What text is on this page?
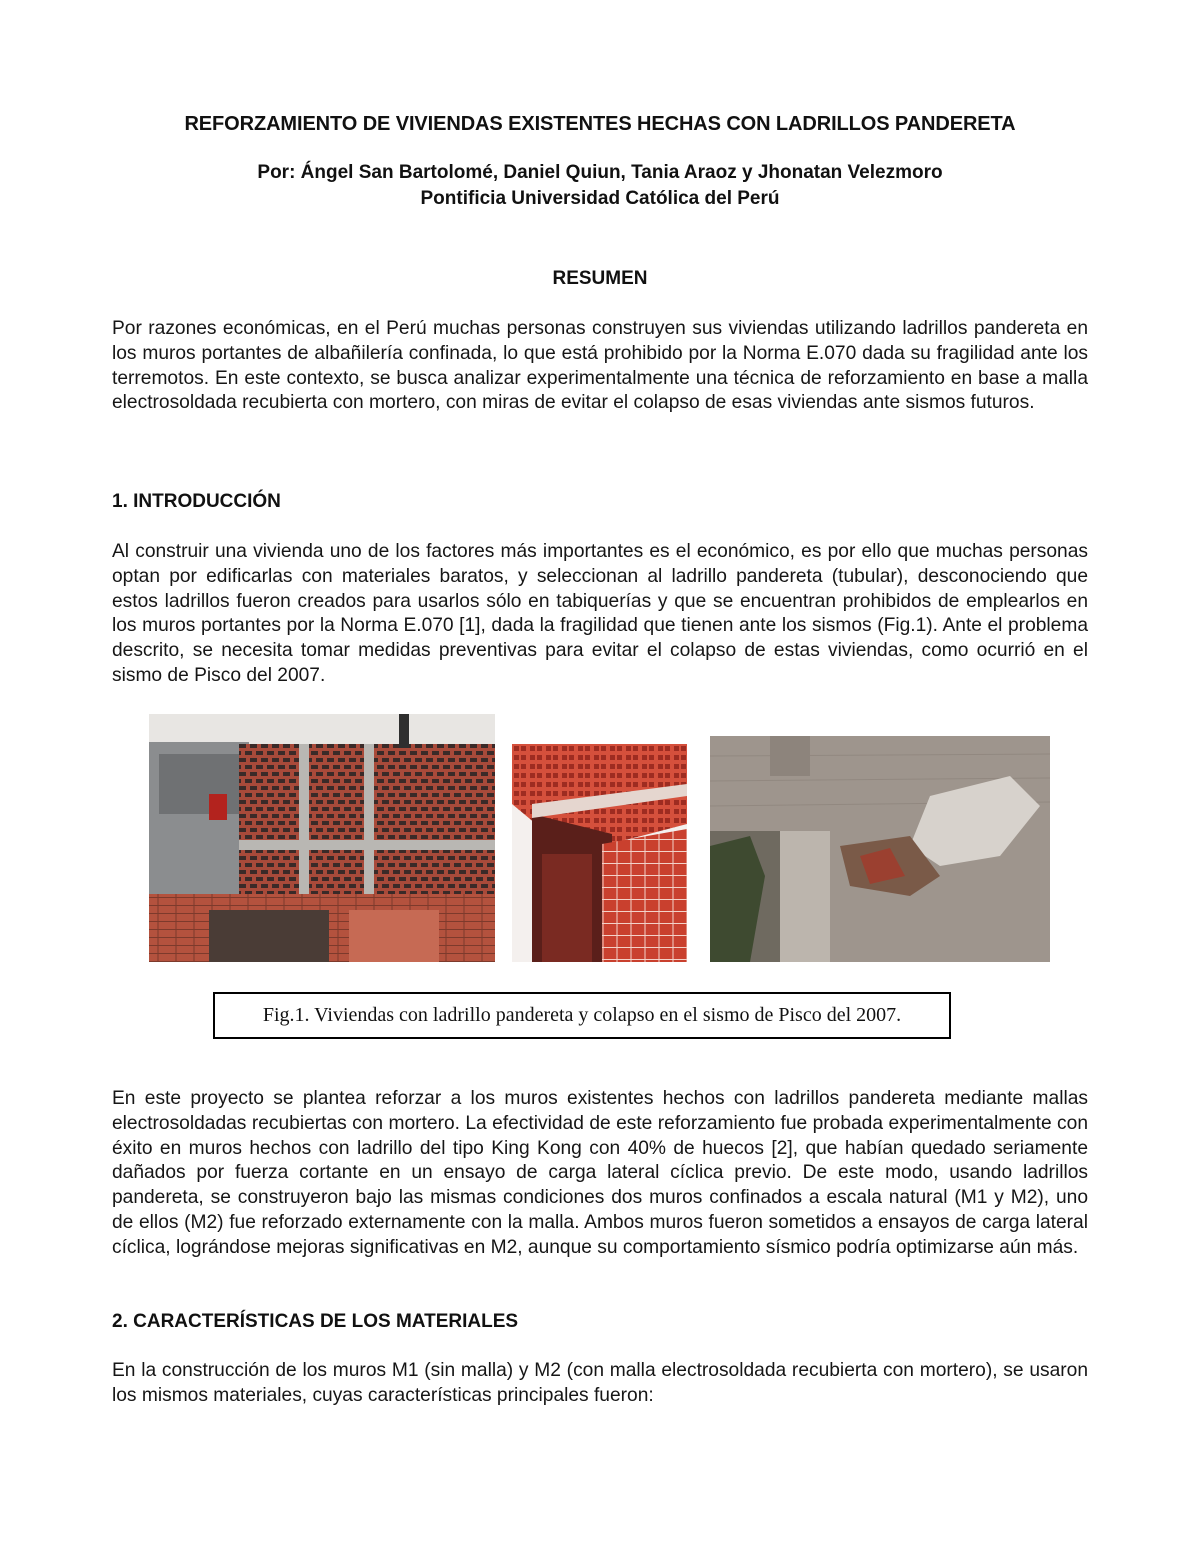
REFORZAMIENTO DE VIVIENDAS EXISTENTES HECHAS CON LADRILLOS PANDERETA
Por: Ángel San Bartolomé, Daniel Quiun, Tania Araoz y Jhonatan Velezmoro
Pontificia Universidad Católica del Perú
RESUMEN
Por razones económicas, en el Perú muchas personas construyen sus viviendas utilizando ladrillos pandereta en los muros portantes de albañilería confinada, lo que está prohibido por la Norma E.070 dada su fragilidad ante los terremotos. En este contexto, se busca analizar experimentalmente una técnica de reforzamiento en base a malla electrosoldada recubierta con mortero, con miras de evitar el colapso de esas viviendas ante sismos futuros.
1. INTRODUCCIÓN
Al construir una vivienda uno de los factores más importantes es el económico, es por ello que muchas personas optan por edificarlas con materiales baratos, y seleccionan al ladrillo pandereta (tubular), desconociendo que estos ladrillos fueron creados para usarlos sólo en tabiquerías y que se encuentran prohibidos de emplearlos en los muros portantes por la Norma E.070 [1], dada la fragilidad que tienen ante los sismos (Fig.1). Ante el problema descrito, se necesita tomar medidas preventivas para evitar el colapso de estas viviendas, como ocurrió en el sismo de Pisco del 2007.
Fig.1. Viviendas con ladrillo pandereta y colapso en el sismo de Pisco del 2007.
En este proyecto se plantea reforzar a los muros existentes hechos con ladrillos pandereta mediante mallas electrosoldadas recubiertas con mortero. La efectividad de este reforzamiento fue probada experimentalmente con éxito en muros hechos con ladrillo del tipo King Kong con 40% de huecos [2], que habían quedado seriamente dañados por fuerza cortante en un ensayo de carga lateral cíclica previo. De este modo, usando ladrillos pandereta, se construyeron bajo las mismas condiciones dos muros confinados a escala natural (M1 y M2), uno de ellos (M2) fue reforzado externamente con la malla. Ambos muros fueron sometidos a ensayos de carga lateral cíclica, lográndose mejoras significativas en M2, aunque su comportamiento sísmico podría optimizarse aún más.
2. CARACTERÍSTICAS DE LOS MATERIALES
En la construcción de los muros M1 (sin malla) y M2 (con malla electrosoldada recubierta con mortero), se usaron los mismos materiales, cuyas características principales fueron:
